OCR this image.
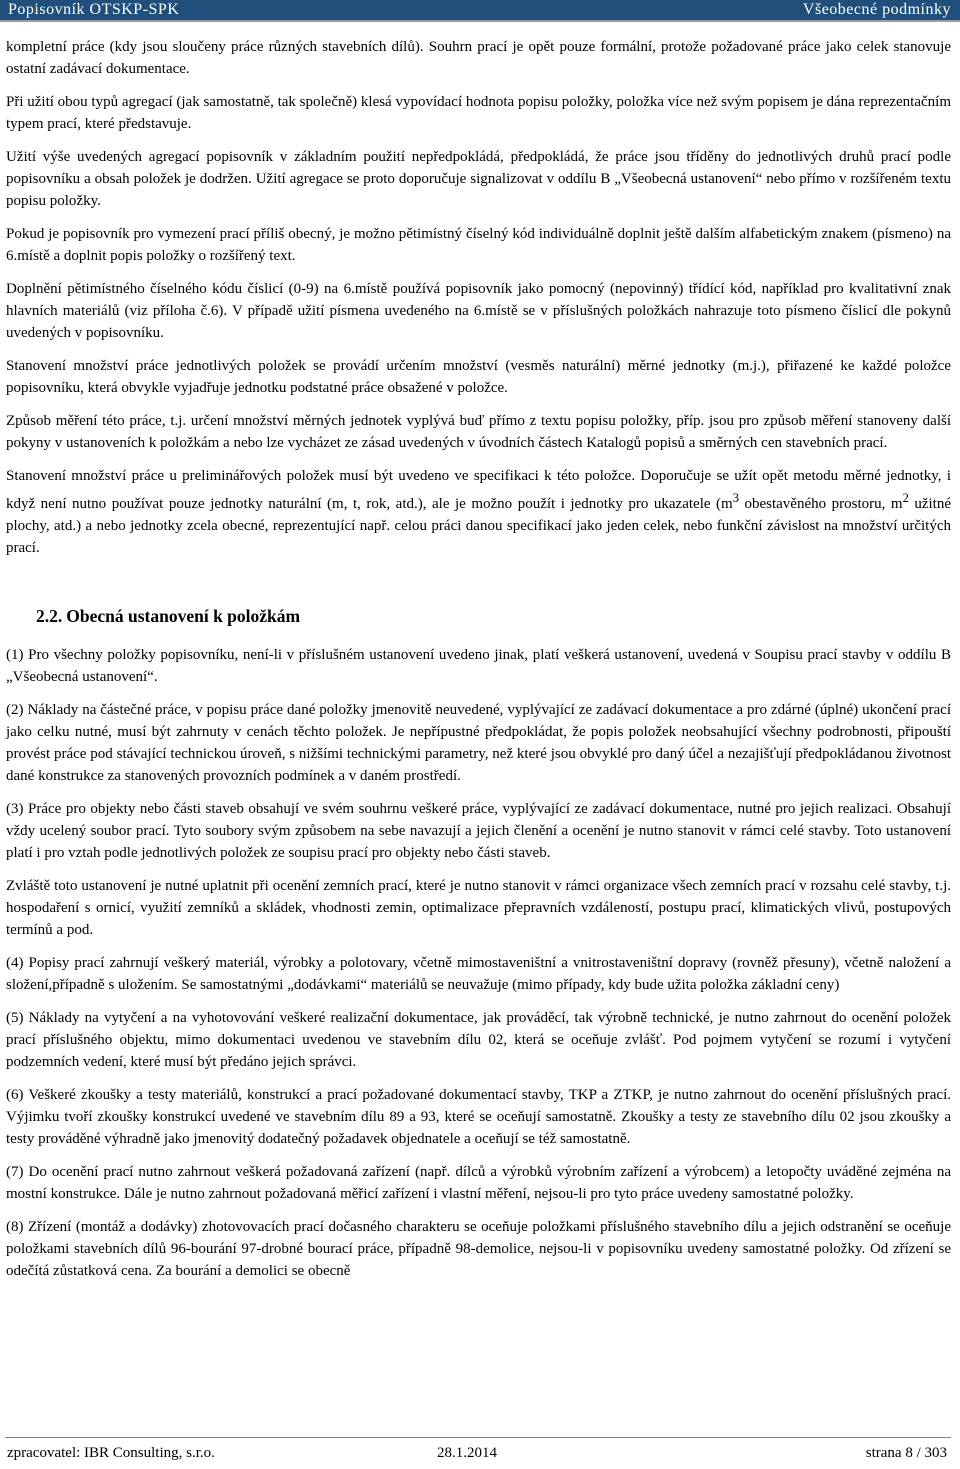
Popisovník OTSKP-SPK	Všeobecné podmínky

kompletní práce (kdy jsou sloučeny práce různých stavebních dílů). Souhrn prací je opět pouze formální, protože požadované práce jako celek stanovuje ostatní zadávací dokumentace.

Při užití obou typů agregací (jak samostatně, tak společně) klesá vypovídací hodnota popisu položky, položka více než svým popisem je dána reprezentačním typem prací, které představuje.

Užití výše uvedených agregací popisovník v základním použití nepředpokládá, předpokládá, že práce jsou tříděny do jednotlivých druhů prací podle popisovníku a obsah položek je dodržen. Užití agregace se proto doporučuje signalizovat v oddílu B „Všeobecná ustanovení“ nebo přímo v rozšířeném textu popisu položky.

Pokud je popisovník pro vymezení prací příliš obecný, je možno pětimístný číselný kód individuálně doplnit ještě dalším alfabetickým znakem (písmeno) na 6.místě a doplnit popis položky o rozšířený text.

Doplnění pětimístného číselného kódu číslicí (0-9) na 6.místě používá popisovník jako pomocný (nepovinný) třídící kód, například pro kvalitativní znak hlavních materiálů (viz příloha č.6). V případě užití písmena uvedeného na 6.místě se v příslušných položkách nahrazuje toto písmeno číslicí dle pokynů uvedených v popisovníku.

Stanovení množství práce jednotlivých položek se provádí určením množství (vesměs naturální) měrné jednotky (m.j.), přiřazené ke každé položce popisovníku, která obvykle vyjadřuje jednotku podstatné práce obsažené v položce.

Způsob měření této práce, t.j. určení množství měrných jednotek vyplývá buď přímo z textu popisu položky, příp. jsou pro způsob měření stanoveny další pokyny v ustanoveních k položkám a nebo lze vycházet ze zásad uvedených v úvodních částech Katalogů popisů a směrných cen stavebních prací.

Stanovení množství práce u preliminářových položek musí být uvedeno ve specifikaci k této položce. Doporučuje se užít opět metodu měrné jednotky, i když není nutno používat pouze jednotky naturální (m, t, rok, atd.), ale je možno použít i jednotky pro ukazatele ($m^3$ obestavěného prostoru, $m^2$ užitné plochy, atd.) a nebo jednotky zcela obecné, reprezentující např. celou práci danou specifikací jako jeden celek, nebo funkční závislost na množství určitých prací.

2.2. Obecná ustanovení k položkám

(1) Pro všechny položky popisovníku, není-li v příslušném ustanovení uvedeno jinak, platí veškerá ustanovení, uvedená v Soupisu prací stavby v oddílu B „Všeobecná ustanovení“.

(2) Náklady na částečné práce, v popisu práce dané položky jmenovitě neuvedené, vyplývající ze zadávací dokumentace a pro zdárné (úplné) ukončení prací jako celku nutné, musí být zahrnuty v cenách těchto položek. Je nepřípustné předpokládat, že popis položek neobsahující všechny podrobnosti, připouští provést práce pod stávající technickou úroveň, s nižšími technickými parametry, než které jsou obvyklé pro daný účel a nezajišťují předpokládanou životnost dané konstrukce za stanovených provozních podmínek a v daném prostředí.

(3) Práce pro objekty nebo části staveb obsahují ve svém souhrnu veškeré práce, vyplývající ze zadávací dokumentace, nutné pro jejich realizaci. Obsahují vždy ucelený soubor prací. Tyto soubory svým způsobem na sebe navazují a jejich členění a ocenění je nutno stanovit v rámci celé stavby. Toto ustanovení platí i pro vztah podle jednotlivých položek ze soupisu prací pro objekty nebo části staveb.

Zvláště toto ustanovení je nutné uplatnit při ocenění zemních prací, které je nutno stanovit v rámci organizace všech zemních prací v rozsahu celé stavby, t.j. hospodaření s ornicí, využití zemníků a skládek, vhodnosti zemin, optimalizace přepravních vzdáleností, postupu prací, klimatických vlivů, postupových termínů a pod.

(4) Popisy prací zahrnují veškerý materiál, výrobky a polotovary, včetně mimostaveništní a vnitrostaveništní dopravy (rovněž přesuny), včetně naložení a složení,případně s uložením. Se samostatnými „dodávkami“ materiálů se neuvažuje (mimo případy, kdy bude užita položka základní ceny)

(5) Náklady na vytyčení a na vyhotovování veškeré realizační dokumentace, jak prováděcí, tak výrobně technické, je nutno zahrnout do ocenění položek prací příslušného objektu, mimo dokumentaci uvedenou ve stavebním dílu 02, která se oceňuje zvlášť. Pod pojmem vytyčení se rozumí i vytyčení podzemních vedení, které musí být předáno jejich správci.

(6) Veškeré zkoušky a testy materiálů, konstrukcí a prací požadované dokumentací stavby, TKP a ZTKP, je nutno zahrnout do ocenění příslušných prací. Výjimku tvoří zkoušky konstrukcí uvedené ve stavebním dílu 89 a 93, které se oceňují samostatně. Zkoušky a testy ze stavebního dílu 02 jsou zkoušky a testy prováděné výhradně jako jmenovitý dodatečný požadavek objednatele a oceňují se též samostatně.

(7) Do ocenění prací nutno zahrnout veškerá požadovaná zařízení (např. dílců a výrobků výrobním zařízení a výrobcem) a letopočty uváděné zejména na mostní konstrukce. Dále je nutno zahrnout požadovaná měřicí zařízení i vlastní měření, nejsou-li pro tyto práce uvedeny samostatné položky.

(8) Zřízení (montáž a dodávky) zhotovovacích prací dočasného charakteru se oceňuje položkami příslušného stavebního dílu a jejich odstranění se oceňuje položkami stavebních dílů 96-bourání 97-drobné bourací práce, případně 98-demolice, nejsou-li v popisovníku uvedeny samostatné položky. Od zřízení se odečítá zůstatková cena. Za bourání a demolici se obecně

zpracovatel: IBR Consulting, s.r.o.	28.1.2014	strana 8 / 303
